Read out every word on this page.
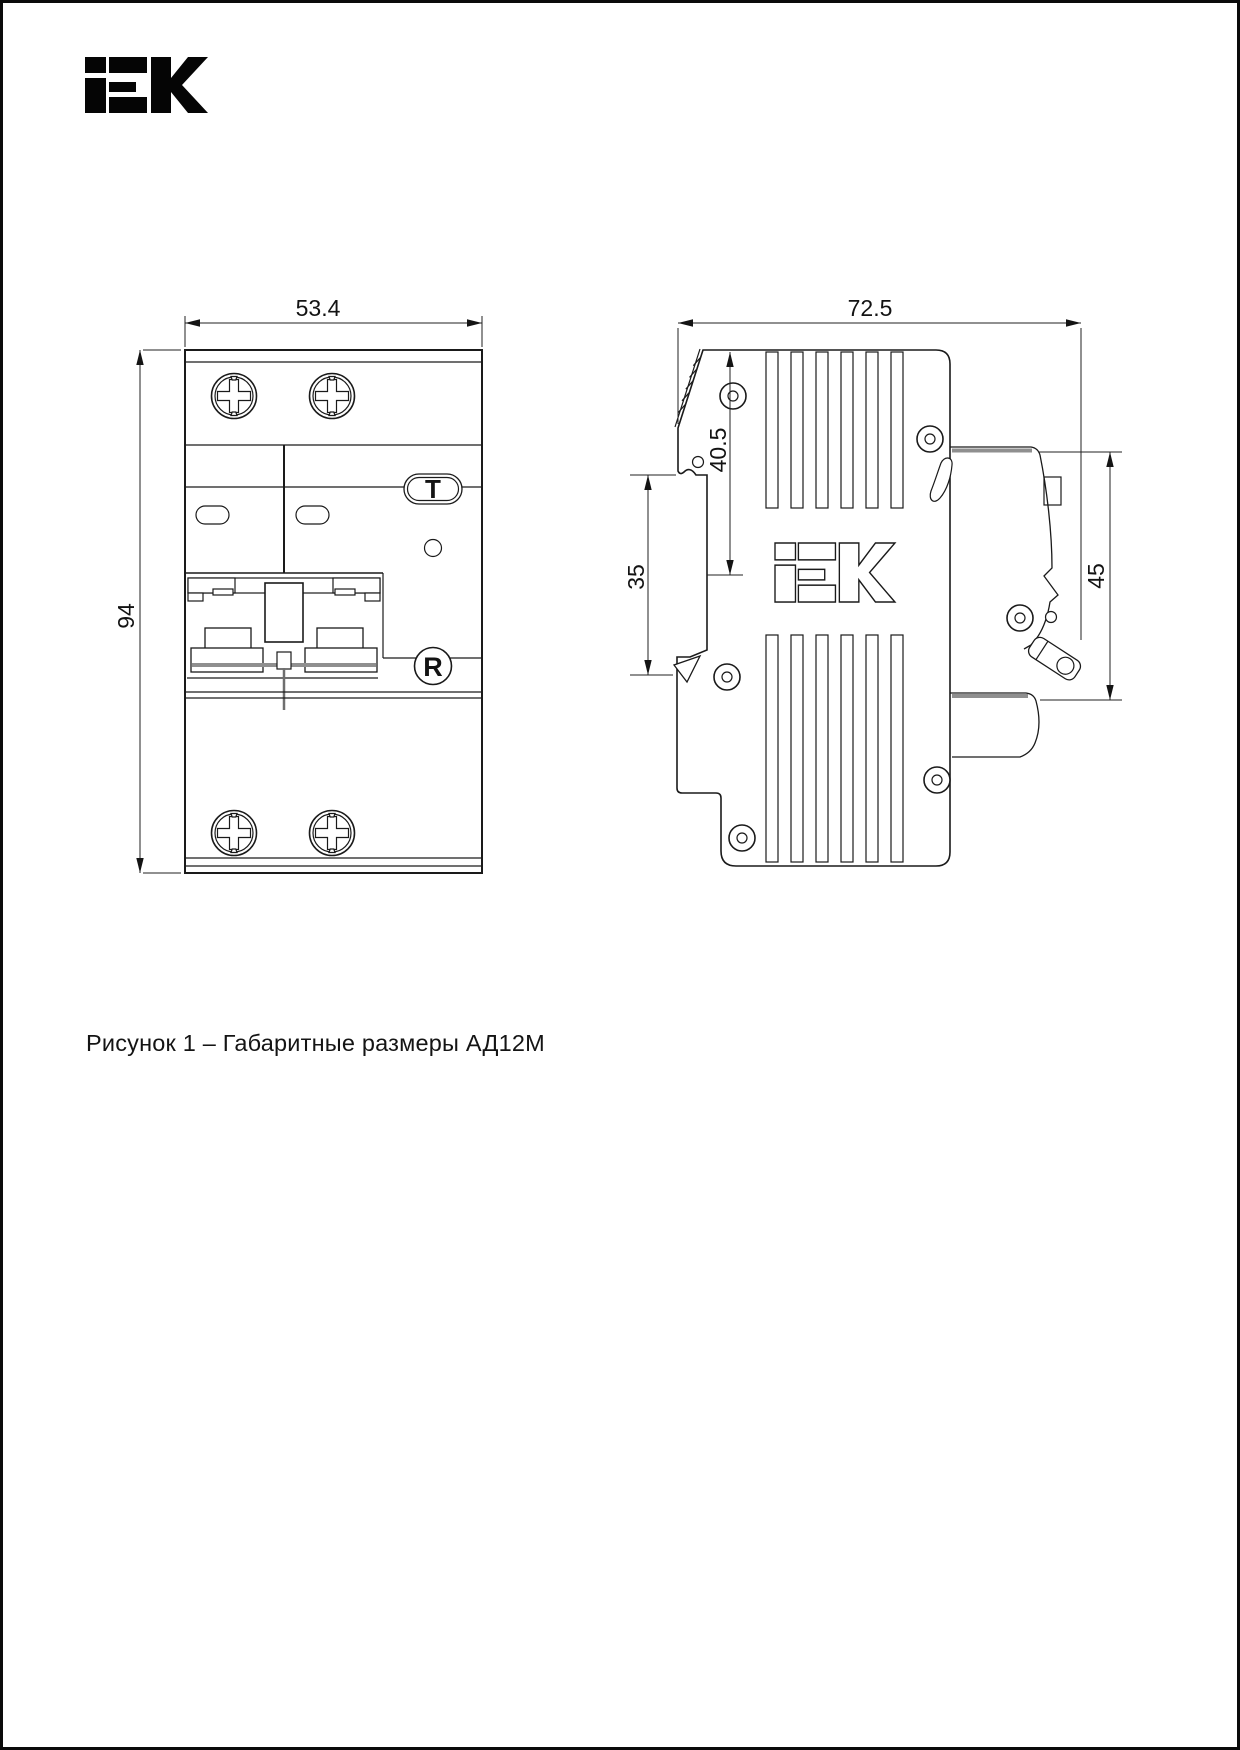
T
R
53.4
94
72.5
40.5
35	45
Рисунок 1 – Габаритные размеры АД12М
